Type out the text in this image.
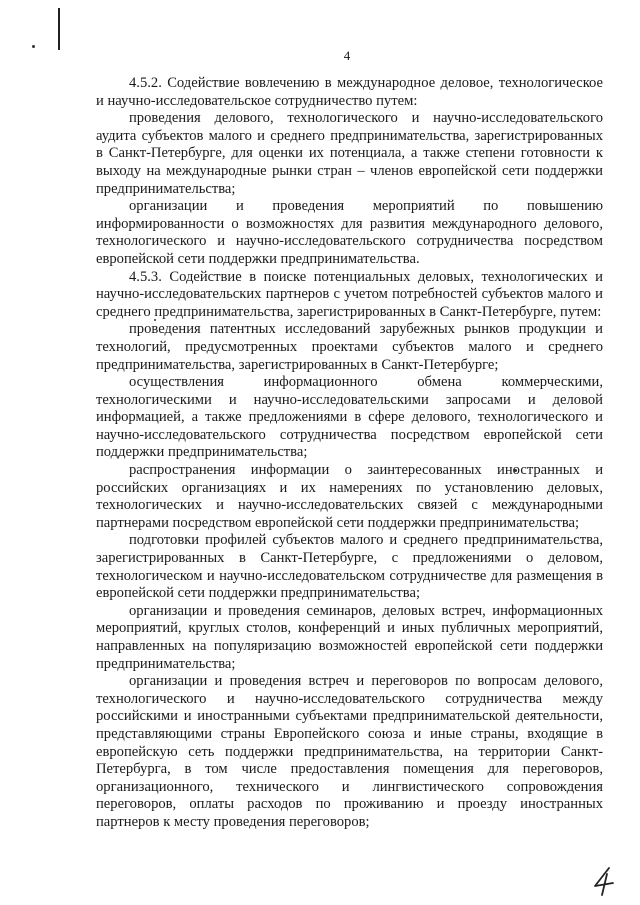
4

4.5.2. Содействие вовлечению в международное деловое, технологическое и научно-исследовательское сотрудничество путем:

проведения делового, технологического и научно-исследовательского аудита субъектов малого и среднего предпринимательства, зарегистрированных в Санкт-Петербурге, для оценки их потенциала, а также степени готовности к выходу на международные рынки стран – членов европейской сети поддержки предпринимательства;

организации и проведения мероприятий по повышению информированности о возможностях для развития международного делового, технологического и научно-исследовательского сотрудничества посредством европейской сети поддержки предпринимательства.

4.5.3. Содействие в поиске потенциальных деловых, технологических и научно-исследовательских партнеров с учетом потребностей субъектов малого и среднего предпринимательства, зарегистрированных в Санкт-Петербурге, путем:

проведения патентных исследований зарубежных рынков продукции и технологий, предусмотренных проектами субъектов малого и среднего предпринимательства, зарегистрированных в Санкт-Петербурге;

осуществления информационного обмена коммерческими, технологическими и научно-исследовательскими запросами и деловой информацией, а также предложениями в сфере делового, технологического и научно-исследовательского сотрудничества посредством европейской сети поддержки предпринимательства;

распространения информации о заинтересованных иностранных и российских организациях и их намерениях по установлению деловых, технологических и научно-исследовательских связей с международными партнерами посредством европейской сети поддержки предпринимательства;

подготовки профилей субъектов малого и среднего предпринимательства, зарегистрированных в Санкт-Петербурге, с предложениями о деловом, технологическом и научно-исследовательском сотрудничестве для размещения в европейской сети поддержки предпринимательства;

организации и проведения семинаров, деловых встреч, информационных мероприятий, круглых столов, конференций и иных публичных мероприятий, направленных на популяризацию возможностей европейской сети поддержки предпринимательства;

организации и проведения встреч и переговоров по вопросам делового, технологического и научно-исследовательского сотрудничества между российскими и иностранными субъектами предпринимательской деятельности, представляющими страны Европейского союза и иные страны, входящие в европейскую сеть поддержки предпринимательства, на территории Санкт-Петербурга, в том числе предоставления помещения для переговоров, организационного, технического и лингвистического сопровождения переговоров, оплаты расходов по проживанию и проезду иностранных партнеров к месту проведения переговоров;
